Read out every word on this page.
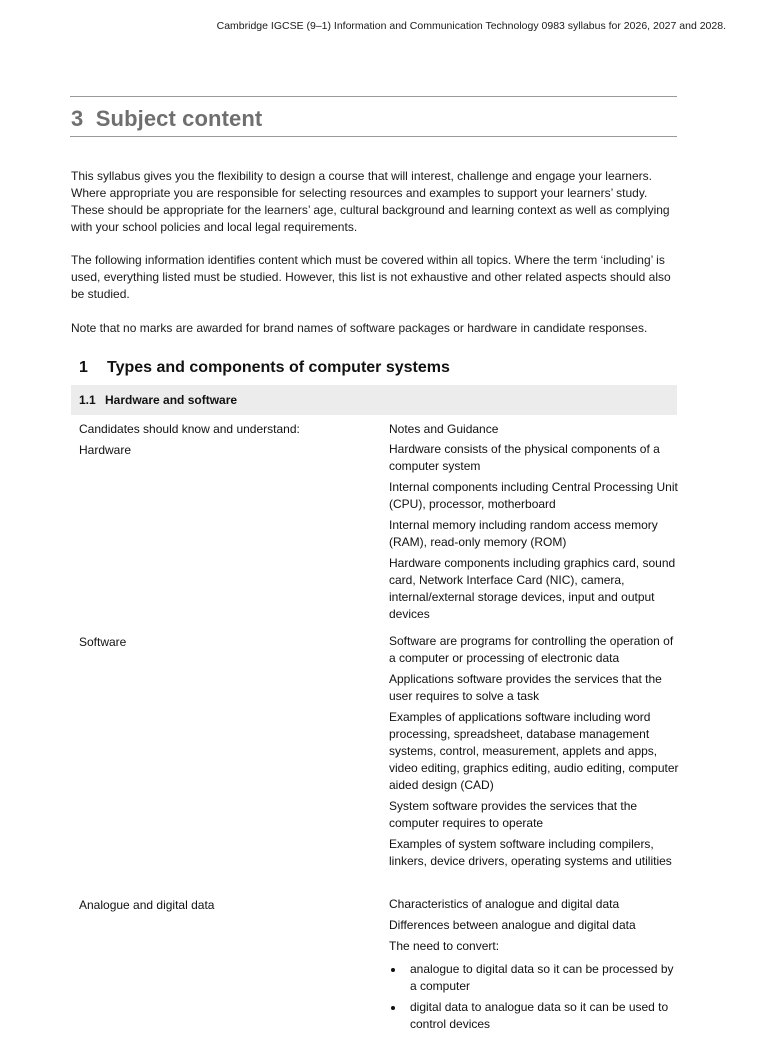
Cambridge IGCSE (9–1) Information and Communication Technology 0983 syllabus for 2026, 2027 and 2028.
3 Subject content

This syllabus gives you the flexibility to design a course that will interest, challenge and engage your learners. Where appropriate you are responsible for selecting resources and examples to support your learners’ study. These should be appropriate for the learners’ age, cultural background and learning context as well as complying with your school policies and local legal requirements.

The following information identifies content which must be covered within all topics. Where the term ‘including’ is used, everything listed must be studied. However, this list is not exhaustive and other related aspects should also be studied.

Note that no marks are awarded for brand names of software packages or hardware in candidate responses.

1 Types and components of computer systems
1.1 Hardware and software

Candidates should know and understand:	Notes and Guidance

Hardware	Hardware consists of the physical components of a computer system

Internal components including Central Processing Unit (CPU), processor, motherboard

Internal memory including random access memory (RAM), read-only memory (ROM)

Hardware components including graphics card, sound card, Network Interface Card (NIC), camera, internal/external storage devices, input and output devices

Software	Software are programs for controlling the operation of a computer or processing of electronic data

Applications software provides the services that the user requires to solve a task

Examples of applications software including word processing, spreadsheet, database management systems, control, measurement, applets and apps, video editing, graphics editing, audio editing, computer aided design (CAD)

System software provides the services that the computer requires to operate

Examples of system software including compilers, linkers, device drivers, operating systems and utilities

Analogue and digital data	Characteristics of analogue and digital data

Differences between analogue and digital data

The need to convert:

analogue to digital data so it can be processed by a computer
digital data to analogue data so it can be used to control devices
